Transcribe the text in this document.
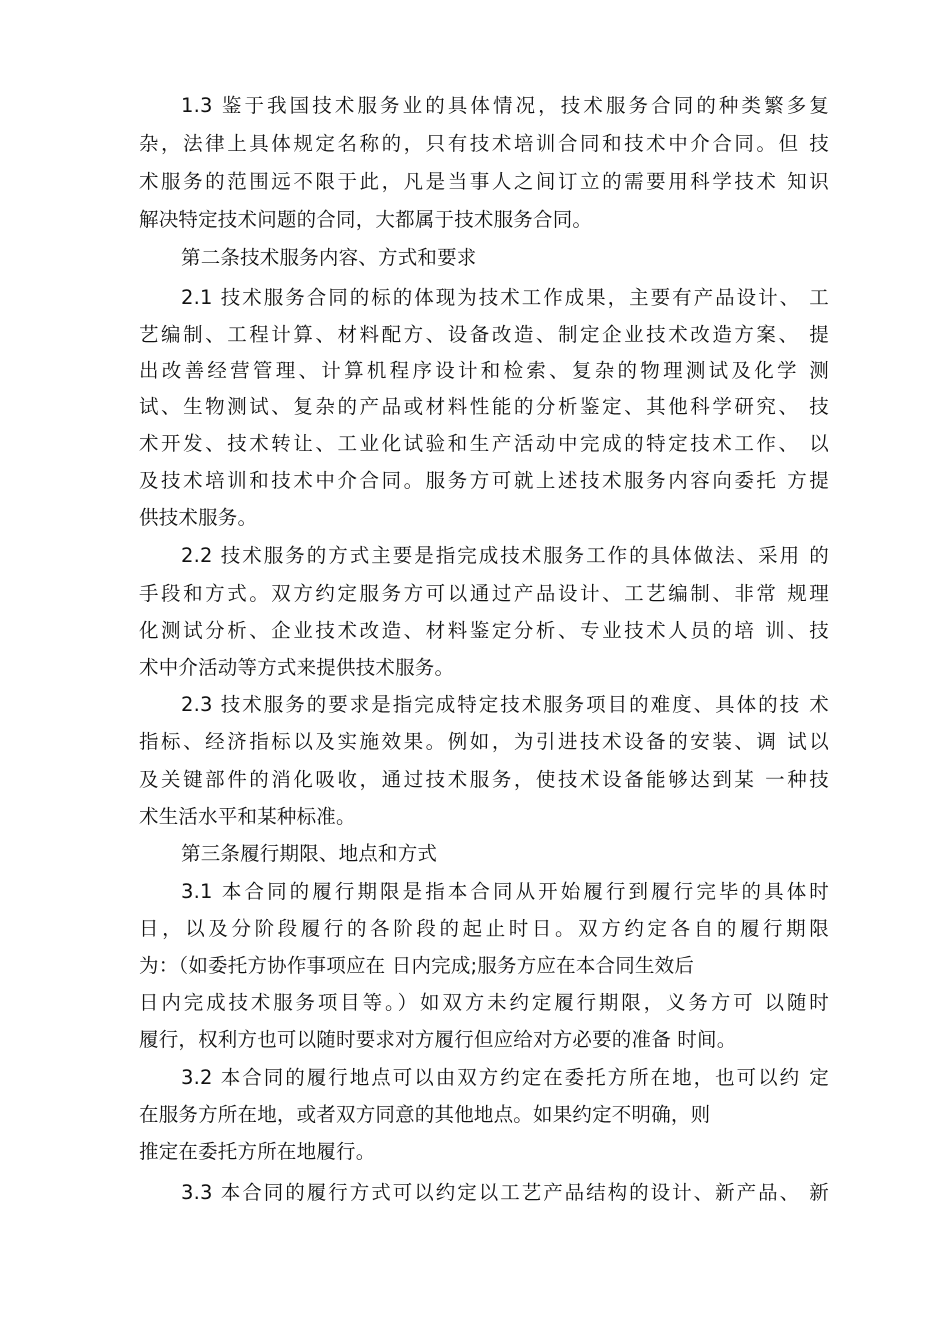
1.3 鉴于我国技术服务业的具体情况，技术服务合同的种类繁多复
杂，法律上具体规定名称的，只有技术培训合同和技术中介合同。但 技
术服务的范围远不限于此，凡是当事人之间订立的需要用科学技术 知识
解决特定技术问题的合同，大都属于技术服务合同。
第二条技术服务内容、方式和要求
2.1 技术服务合同的标的体现为技术工作成果，主要有产品设计、 工
艺编制、工程计算、材料配方、设备改造、制定企业技术改造方案、 提
出改善经营管理、计算机程序设计和检索、复杂的物理测试及化学 测
试、生物测试、复杂的产品或材料性能的分析鉴定、其他科学研究、 技
术开发、技术转让、工业化试验和生产活动中完成的特定技术工作、 以
及技术培训和技术中介合同。服务方可就上述技术服务内容向委托 方提
供技术服务。
2.2 技术服务的方式主要是指完成技术服务工作的具体做法、采用 的
手段和方式。双方约定服务方可以通过产品设计、工艺编制、非常 规理
化测试分析、企业技术改造、材料鉴定分析、专业技术人员的培 训、技
术中介活动等方式来提供技术服务。
2.3 技术服务的要求是指完成特定技术服务项目的难度、具体的技 术
指标、经济指标以及实施效果。例如，为引进技术设备的安装、调 试以
及关键部件的消化吸收，通过技术服务，使技术设备能够达到某 一种技
术生活水平和某种标准。
第三条履行期限、地点和方式
3.1 本合同的履行期限是指本合同从开始履行到履行完毕的具体时
日，以及分阶段履行的各阶段的起止时日。双方约定各自的履行期限
为：（如委托方协作事项应在 日内完成;服务方应在本合同生效后
日内完成技术服务项目等。）如双方未约定履行期限，义务方可 以随时
履行，权利方也可以随时要求对方履行但应给对方必要的准备 时间。
3.2 本合同的履行地点可以由双方约定在委托方所在地，也可以约 定
在服务方所在地，或者双方同意的其他地点。如果约定不明确，则
推定在委托方所在地履行。
3.3 本合同的履行方式可以约定以工艺产品结构的设计、新产品、 新
